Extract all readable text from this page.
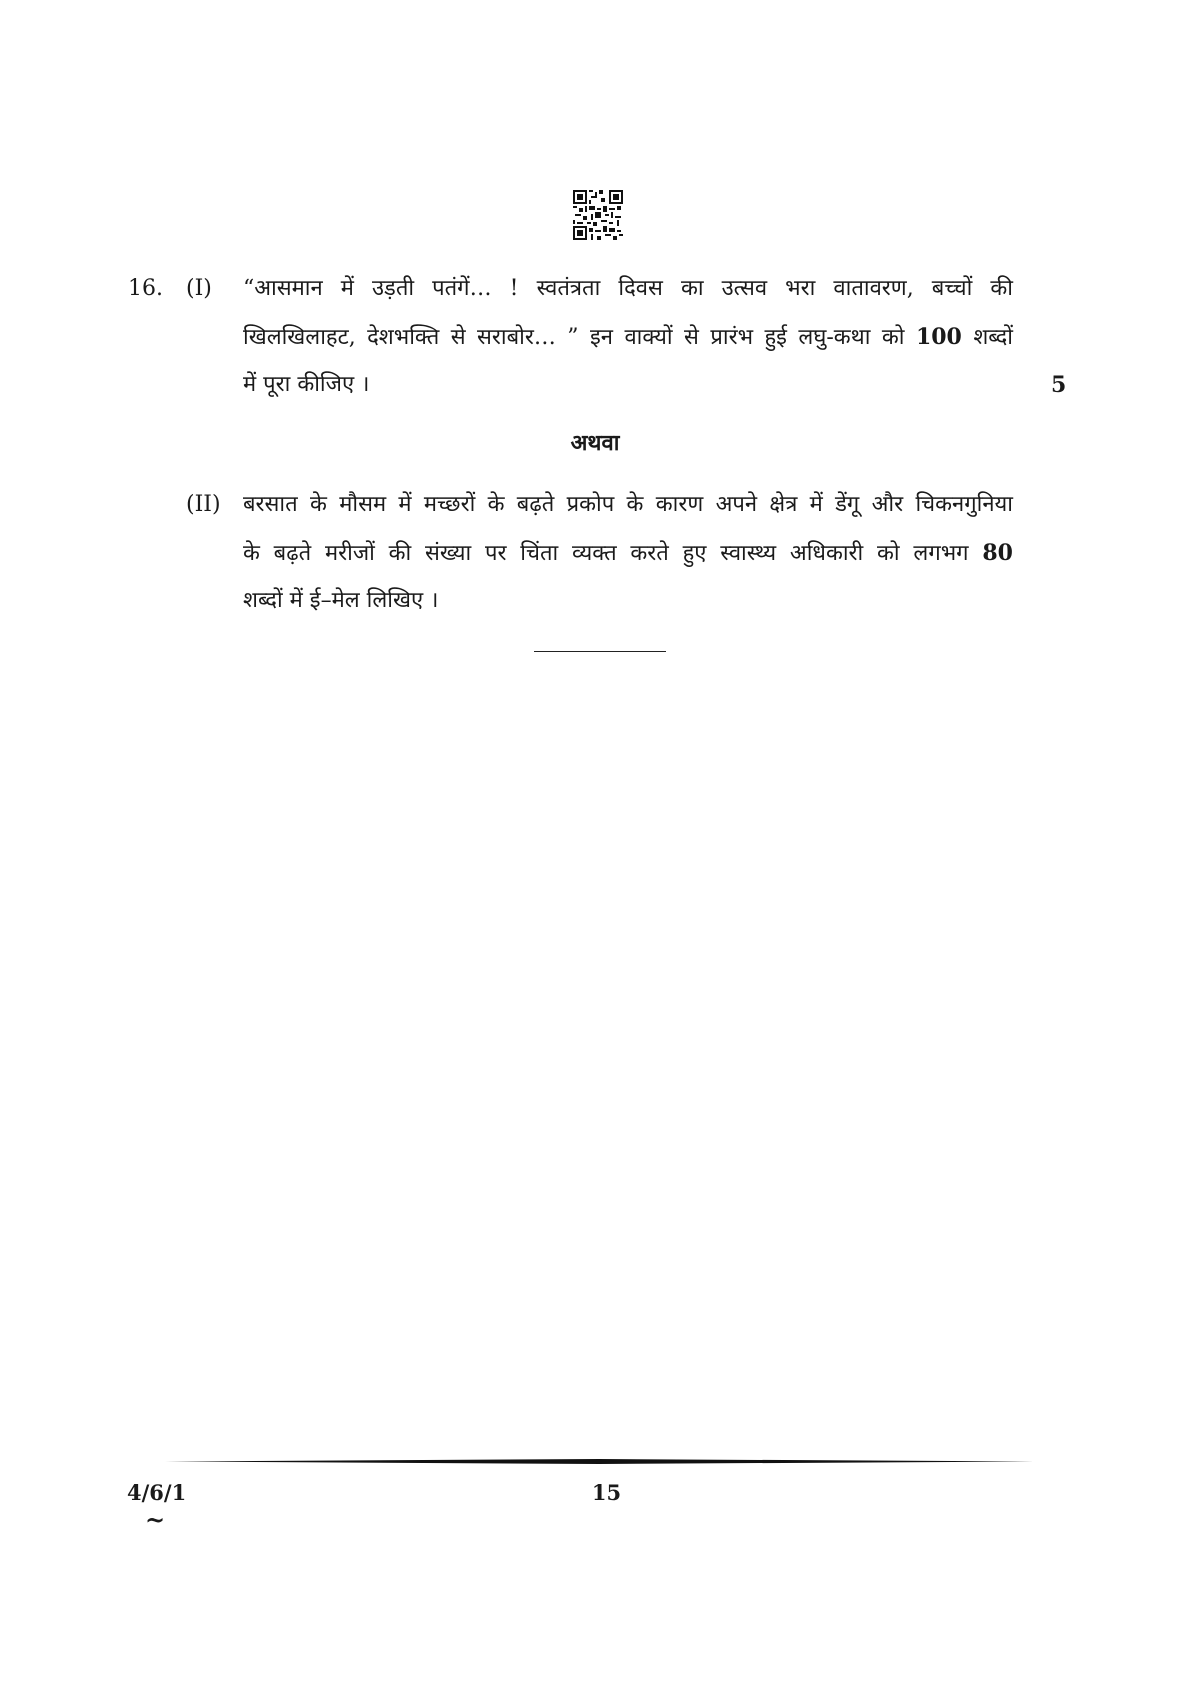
16. (I) “आसमान में उड़ती पतंगें… ! स्वतंत्रता दिवस का उत्सव भरा वातावरण, बच्चों की
खिलखिलाहट, देशभक्ति से सराबोर… ” इन वाक्यों से प्रारंभ हुई लघु-कथा को 100 शब्दों
में पूरा कीजिए ।	5
अथवा
(II) बरसात के मौसम में मच्छरों के बढ़ते प्रकोप के कारण अपने क्षेत्र में डेंगू और चिकनगुनिया
के बढ़ते मरीजों की संख्या पर चिंता व्यक्त करते हुए स्वास्थ्य अधिकारी को लगभग 80
शब्दों में ई–मेल लिखिए ।
4/6/1	15
~
